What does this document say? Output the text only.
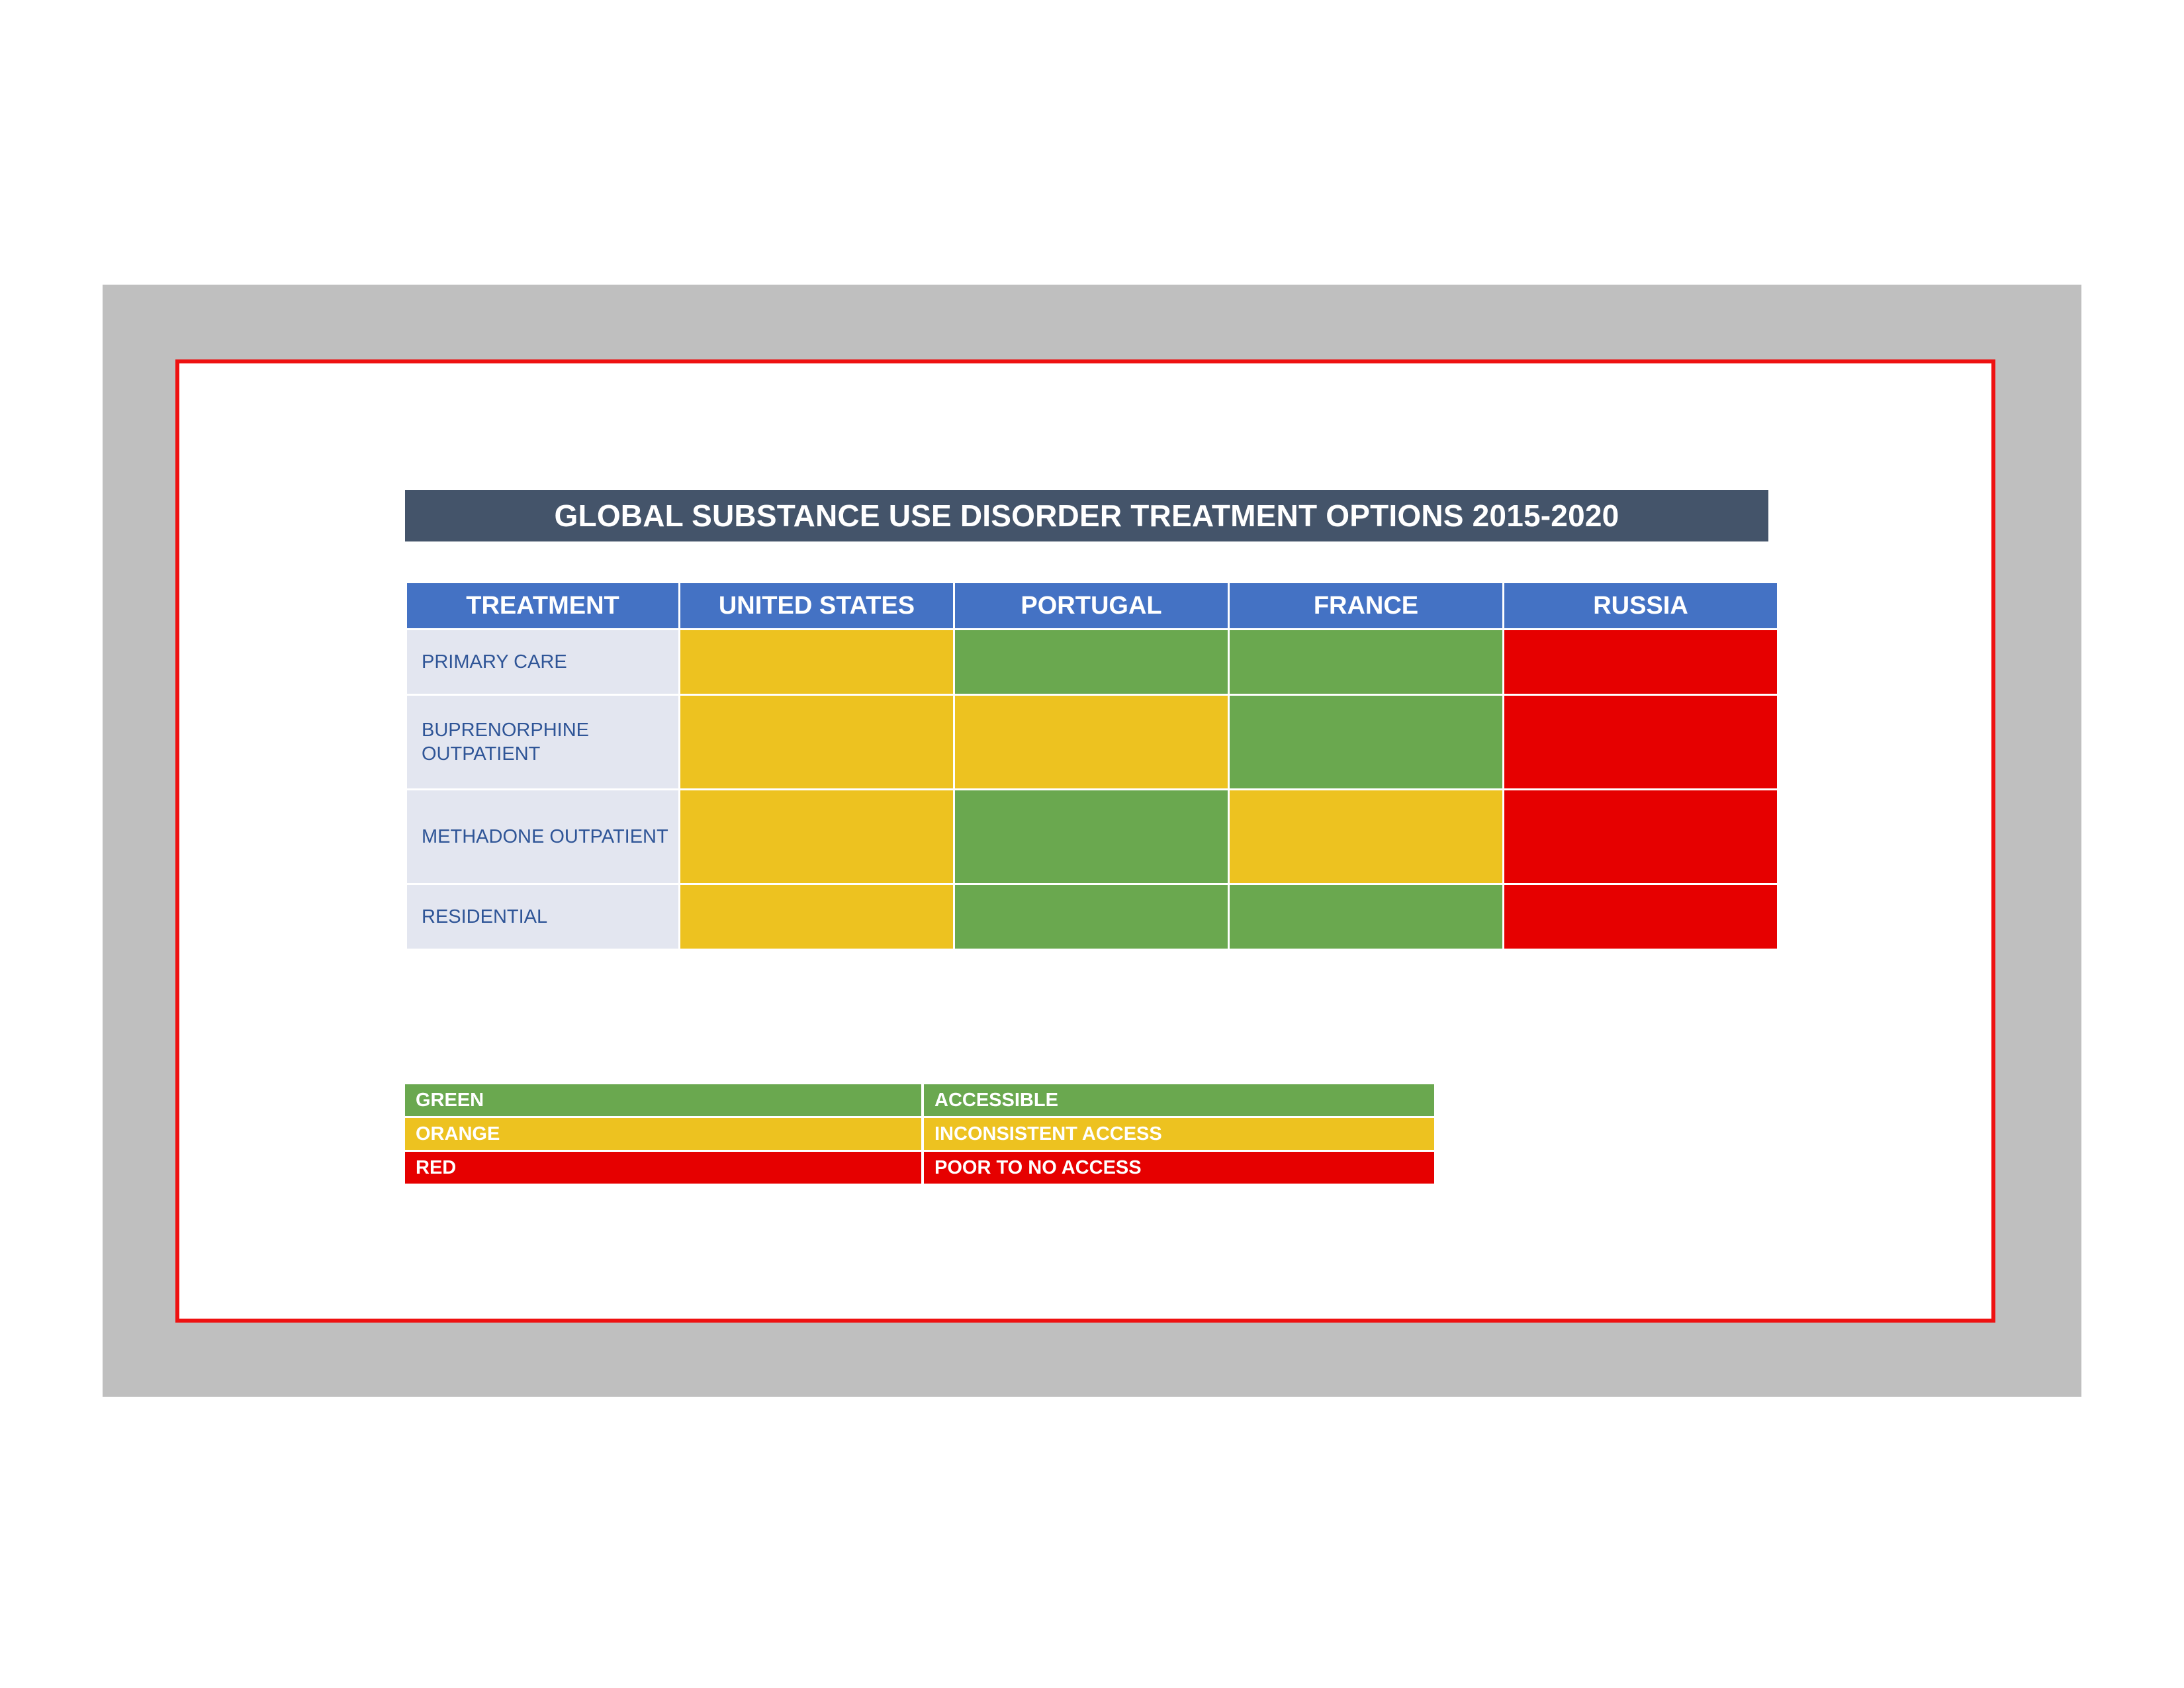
GLOBAL SUBSTANCE USE DISORDER TREATMENT OPTIONS 2015-2020
TREATMENT	UNITED STATES	PORTUGAL	FRANCE	RUSSIA
PRIMARY CARE				
BUPRENORPHINE OUTPATIENT				
METHADONE OUTPATIENT				
RESIDENTIAL				
GREEN	ACCESSIBLE
ORANGE	INCONSISTENT ACCESS
RED	POOR TO NO ACCESS
